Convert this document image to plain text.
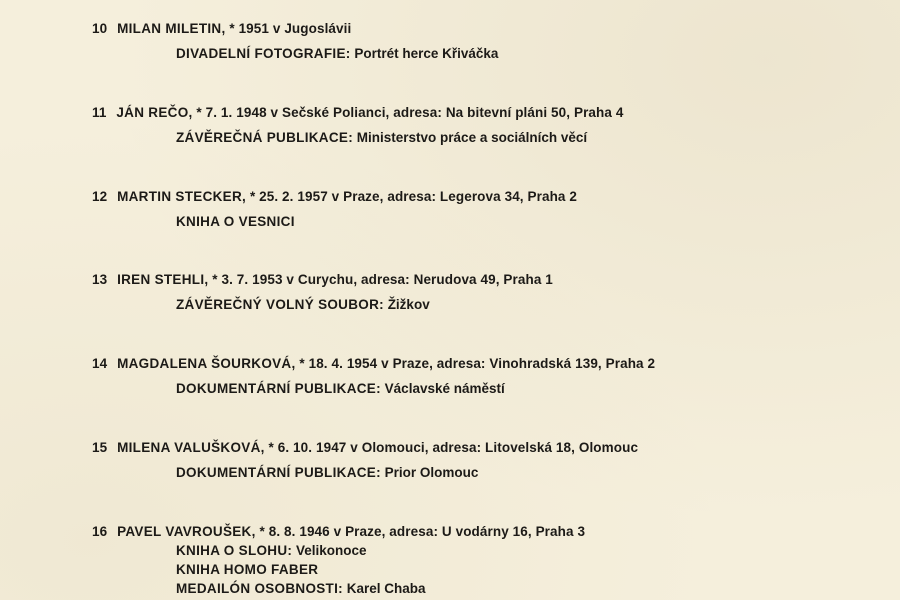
10 MILAN MILETIN, * 1951 v Jugoslávii
DIVADELNÍ FOTOGRAFIE: Portrét herce Křiváčka
11 JÁN REČO, * 7. 1. 1948 v Sečské Polianci, adresa: Na bitevní pláni 50, Praha 4
ZÁVĚREČNÁ PUBLIKACE: Ministerstvo práce a sociálních věcí
12 MARTIN STECKER, * 25. 2. 1957 v Praze, adresa: Legerova 34, Praha 2
KNIHA O VESNICI
13 IREN STEHLI, * 3. 7. 1953 v Curychu, adresa: Nerudova 49, Praha 1
ZÁVĚREČNÝ VOLNÝ SOUBOR: Žižkov
14 MAGDALENA ŠOURKOVÁ, * 18. 4. 1954 v Praze, adresa: Vinohradská 139, Praha 2
DOKUMENTÁRNÍ PUBLIKACE: Václavské náměstí
15 MILENA VALUŠKOVÁ, * 6. 10. 1947 v Olomouci, adresa: Litovelská 18, Olomouc
DOKUMENTÁRNÍ PUBLIKACE: Prior Olomouc
16 PAVEL VAVROUŠEK, * 8. 8. 1946 v Praze, adresa: U vodárny 16, Praha 3
KNIHA O SLOHU: Velikonoce
KNIHA HOMO FABER
MEDAILÓN OSOBNOSTI: Karel Chaba
